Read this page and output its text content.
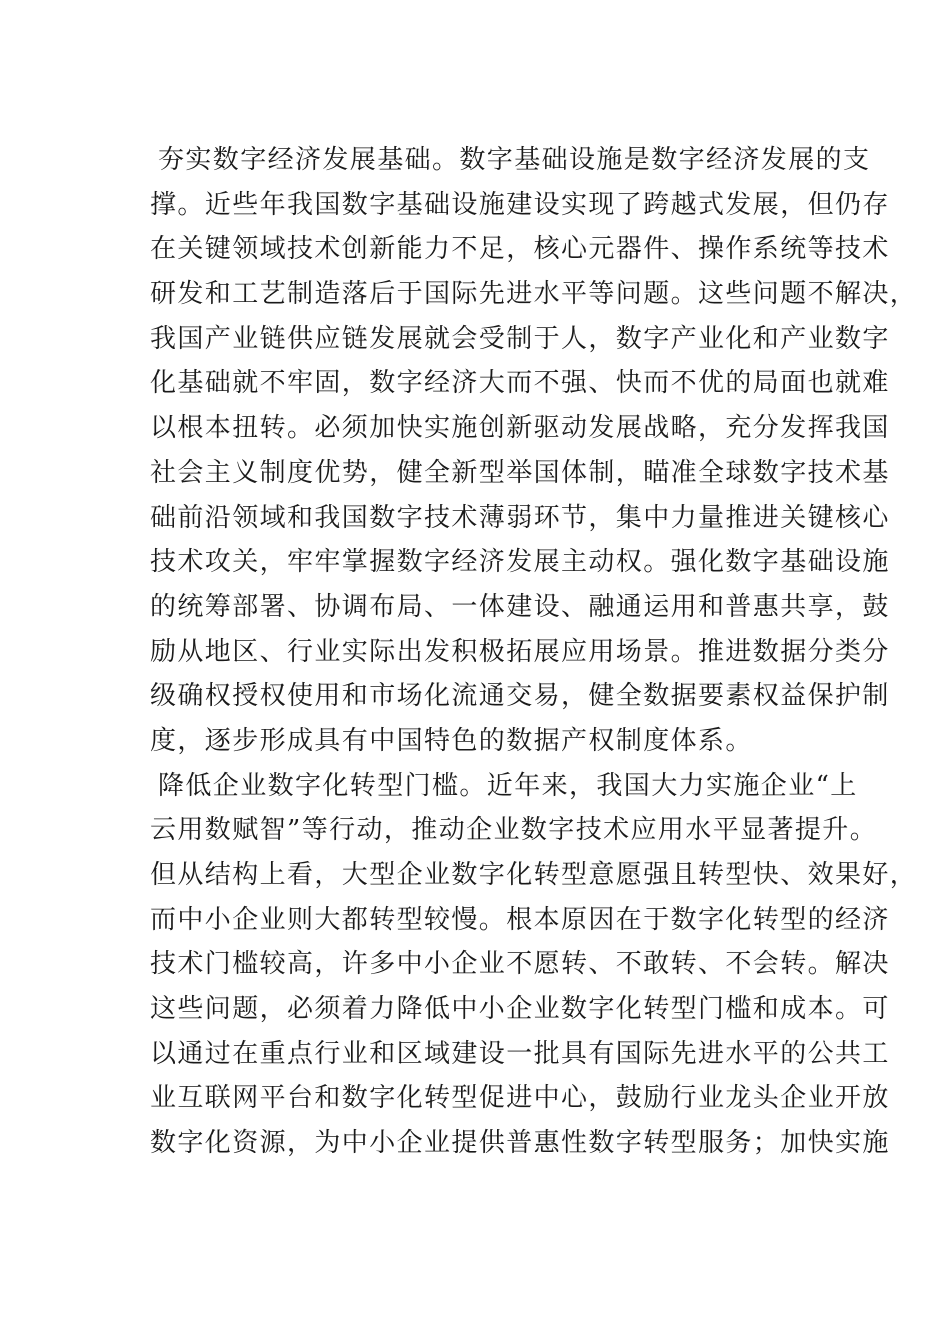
夯实数字经济发展基础。数字基础设施是数字经济发展的支
撑。近些年我国数字基础设施建设实现了跨越式发展，但仍存
在关键领域技术创新能力不足，核心元器件、操作系统等技术
研发和工艺制造落后于国际先进水平等问题。这些问题不解决，
我国产业链供应链发展就会受制于人，数字产业化和产业数字
化基础就不牢固，数字经济大而不强、快而不优的局面也就难
以根本扭转。必须加快实施创新驱动发展战略，充分发挥我国
社会主义制度优势，健全新型举国体制，瞄准全球数字技术基
础前沿领域和我国数字技术薄弱环节，集中力量推进关键核心
技术攻关，牢牢掌握数字经济发展主动权。强化数字基础设施
的统筹部署、协调布局、一体建设、融通运用和普惠共享，鼓
励从地区、行业实际出发积极拓展应用场景。推进数据分类分
级确权授权使用和市场化流通交易，健全数据要素权益保护制
度，逐步形成具有中国特色的数据产权制度体系。
降低企业数字化转型门槛。近年来，我国大力实施企业“上
云用数赋智”等行动，推动企业数字技术应用水平显著提升。
但从结构上看，大型企业数字化转型意愿强且转型快、效果好，
而中小企业则大都转型较慢。根本原因在于数字化转型的经济
技术门槛较高，许多中小企业不愿转、不敢转、不会转。解决
这些问题，必须着力降低中小企业数字化转型门槛和成本。可
以通过在重点行业和区域建设一批具有国际先进水平的公共工
业互联网平台和数字化转型促进中心，鼓励行业龙头企业开放
数字化资源，为中小企业提供普惠性数字转型服务；加快实施
